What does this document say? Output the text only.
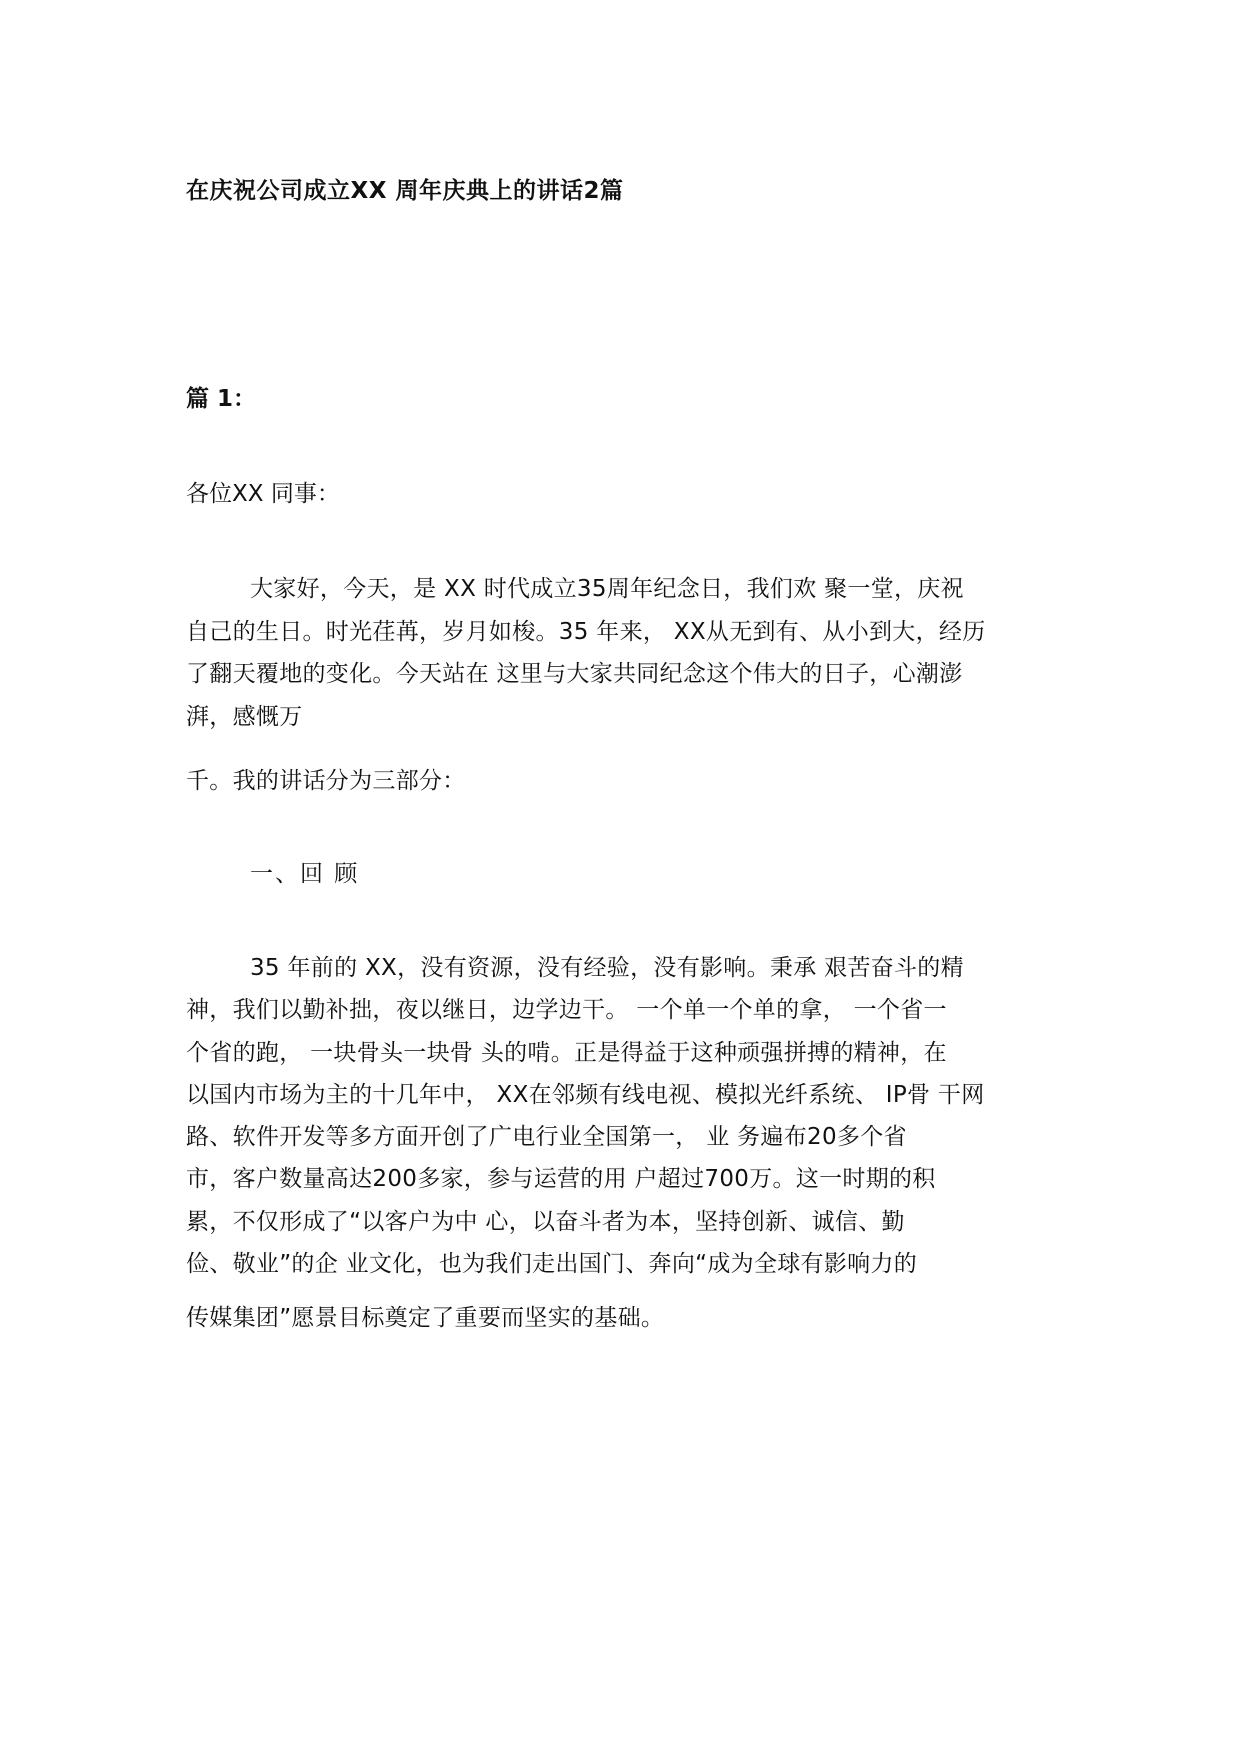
在庆祝公司成立XX 周年庆典上的讲话2篇
篇 1：
各位XX 同事：
大家好，今天，是 XX 时代成立35周年纪念日，我们欢 聚一堂，庆祝
自己的生日。时光荏苒，岁月如梭。35 年来， XX从无到有、从小到大，经历
了翻天覆地的变化。今天站在 这里与大家共同纪念这个伟大的日子，心潮澎
湃，感慨万
千。我的讲话分为三部分：
一、回 顾
35 年前的 XX，没有资源，没有经验，没有影响。秉承 艰苦奋斗的精
神，我们以勤补拙，夜以继日，边学边干。 一个单一个单的拿， 一个省一
个省的跑， 一块骨头一块骨 头的啃。正是得益于这种顽强拼搏的精神，在
以国内市场为主的十几年中， XX在邻频有线电视、模拟光纤系统、 IP骨 干网
路、软件开发等多方面开创了广电行业全国第一， 业 务遍布20多个省
市，客户数量高达200多家，参与运营的用 户超过700万。这一时期的积
累，不仅形成了“以客户为中 心，以奋斗者为本，坚持创新、诚信、勤
俭、敬业”的企 业文化，也为我们走出国门、奔向“成为全球有影响力的
传媒集团”愿景目标奠定了重要而坚实的基础。
